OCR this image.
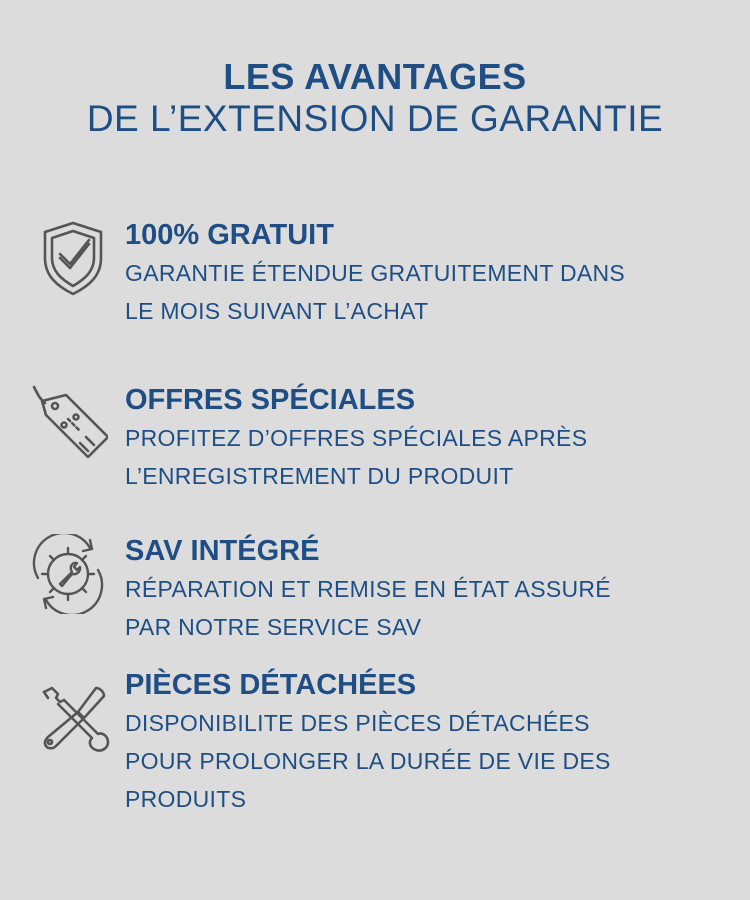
LES AVANTAGES
DE L’EXTENSION DE GARANTIE

100% GRATUIT

GARANTIE ÉTENDUE GRATUITEMENT DANS
LE MOIS SUIVANT L’ACHAT

OFFRES SPÉCIALES

PROFITEZ D’OFFRES SPÉCIALES APRÈS
L’ENREGISTREMENT DU PRODUIT

SAV INTÉGRÉ

RÉPARATION ET REMISE EN ÉTAT ASSURÉ
PAR NOTRE SERVICE SAV

PIÈCES DÉTACHÉES

DISPONIBILITE DES PIÈCES DÉTACHÉES
POUR PROLONGER LA DURÉE DE VIE DES
PRODUITS
